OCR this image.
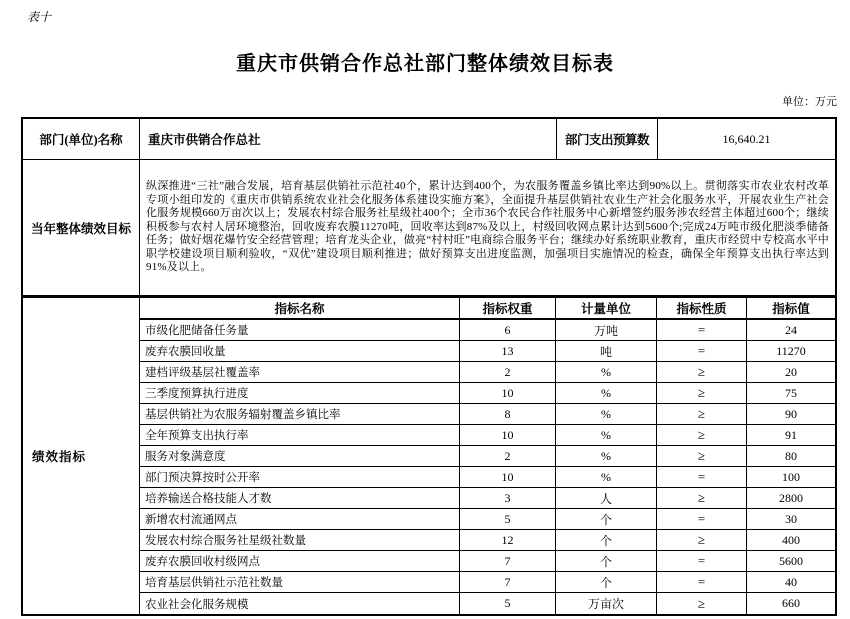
表十
重庆市供销合作总社部门整体绩效目标表
单位：万元
部门(单位)名称	重庆市供销合作总社	部门支出预算数	16,640.21
当年整体绩效目标

纵深推进“三社”融合发展，培育基层供销社示范社40个，累计达到400个，为农服务覆盖乡镇比率达到90%以上。贯彻落实市农业农村改革专项小组印发的《重庆市供销系统农业社会化服务体系建设实施方案》，全面提升基层供销社农业生产社会化服务水平，开展农业生产社会化服务规模660万亩次以上；发展农村综合服务社星级社400个；全市36个农民合作社服务中心新增签约服务涉农经营主体超过600个；继续积极参与农村人居环境整治，回收废弃农膜11270吨，回收率达到87%及以上，村级回收网点累计达到5600个;完成24万吨市级化肥淡季储备任务；做好烟花爆竹安全经营管理；培育龙头企业，做亮“村村旺”电商综合服务平台；继续办好系统职业教育，重庆市经贸中专校高水平中职学校建设项目顺利验收，“双优”建设项目顺利推进；做好预算支出进度监测，加强项目实施情况的检查，确保全年预算支出执行率达到91%及以上。

绩效指标
指标名称	指标权重	计量单位	指标性质	指标值
市级化肥储备任务量	6	万吨	=	24
废弃农膜回收量	13	吨	=	11270
建档评级基层社覆盖率	2	%	≥	20
三季度预算执行进度	10	%	≥	75
基层供销社为农服务辐射覆盖乡镇比率	8	%	≥	90
全年预算支出执行率	10	%	≥	91
服务对象满意度	2	%	≥	80
部门预决算按时公开率	10	%	=	100
培养输送合格技能人才数	3	人	≥	2800
新增农村流通网点	5	个	=	30
发展农村综合服务社星级社数量	12	个	≥	400
废弃农膜回收村级网点	7	个	=	5600
培育基层供销社示范社数量	7	个	=	40
农业社会化服务规模	5	万亩次	≥	660
